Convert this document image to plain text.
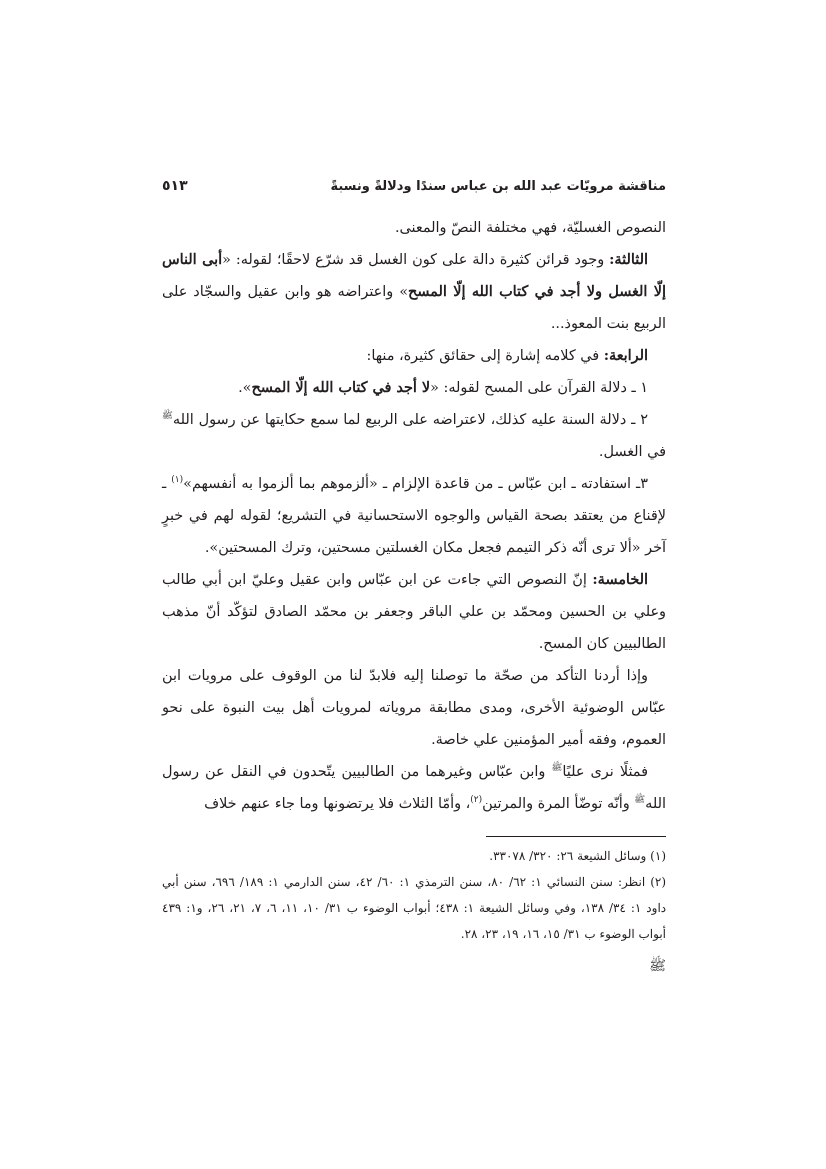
مناقشة مرويّات عبد الله بن عباس سندًا ودلالةً ونسبةً
٥١٣

النصوص الغسليّة، فهي مختلفة النصّ والمعنى.

الثالثة: وجود قرائن كثيرة دالة على كون الغسل قد شرّع لاحقًا؛ لقوله: «أبى الناس إلّا الغسل ولا أجد في كتاب الله إلّا المسح» واعتراضه هو وابن عقيل والسجّاد على الربيع بنت المعوذ...

الرابعة: في كلامه إشارة إلى حقائق كثيرة، منها:

١ ـ دلالة القرآن على المسح لقوله: «لا أجد في كتاب الله إلّا المسح».

٢ ـ دلالة السنة عليه كذلك، لاعتراضه على الربيع لما سمع حكايتها عن رسول الله$^ﷺ$ في الغسل.

٣ـ استفادته ـ ابن عبّاس ـ من قاعدة الإلزام ـ «ألزموهم بما ألزموا به أنفسهم»$^{(١)}$ ـ لإقناع من يعتقد بصحة القياس والوجوه الاستحسانية في التشريع؛ لقوله لهم في خبرٍ آخر «ألا ترى أنّه ذكر التيمم فجعل مكان الغسلتين مسحتين، وترك المسحتين».

الخامسة: إنّ النصوص التي جاءت عن ابن عبّاس وابن عقيل وعليّ ابن أبي طالب وعلي بن الحسين ومحمّد بن علي الباقر وجعفر بن محمّد الصادق لتؤكّد أنّ مذهب الطالبيين كان المسح.

وإذا أردنا التأكد من صحّة ما توصلنا إليه فلابدّ لنا من الوقوف على مرويات ابن عبّاس الوضوئية الأخرى، ومدى مطابقة مروياته لمرويات أهل بيت النبوة على نحو العموم، وفقه أمير المؤمنين علي خاصة.

فمثلًا نرى عليًا$^ﷺ$ وابن عبّاس وغيرهما من الطالبيين يتّحدون في النقل عن رسول الله$^ﷺ$ وأنّه توضّأ المرة والمرتين$^{(٢)}$، وأمّا الثلاث فلا يرتضونها وما جاء عنهم خلاف

(١) وسائل الشيعة ٢٦: ٣٢٠/ ٣٣٠٧٨.

(٢) انظر: سنن النسائي ١: ٦٢/ ٨٠، سنن الترمذي ١: ٦٠/ ٤٢، سنن الدارمي ١: ١٨٩/ ٦٩٦، سنن أبي داود ١: ٣٤/ ١٣٨، وفي وسائل الشيعة ١: ٤٣٨؛ أبواب الوضوء ب ٣١/ ١٠، ١١، ٦، ٧، ٢١، ٢٦، و١: ٤٣٩ أبواب الوضوء ب ٣١/ ١٥، ١٦، ١٩، ٢٣، ٢٨.

ﷺ
